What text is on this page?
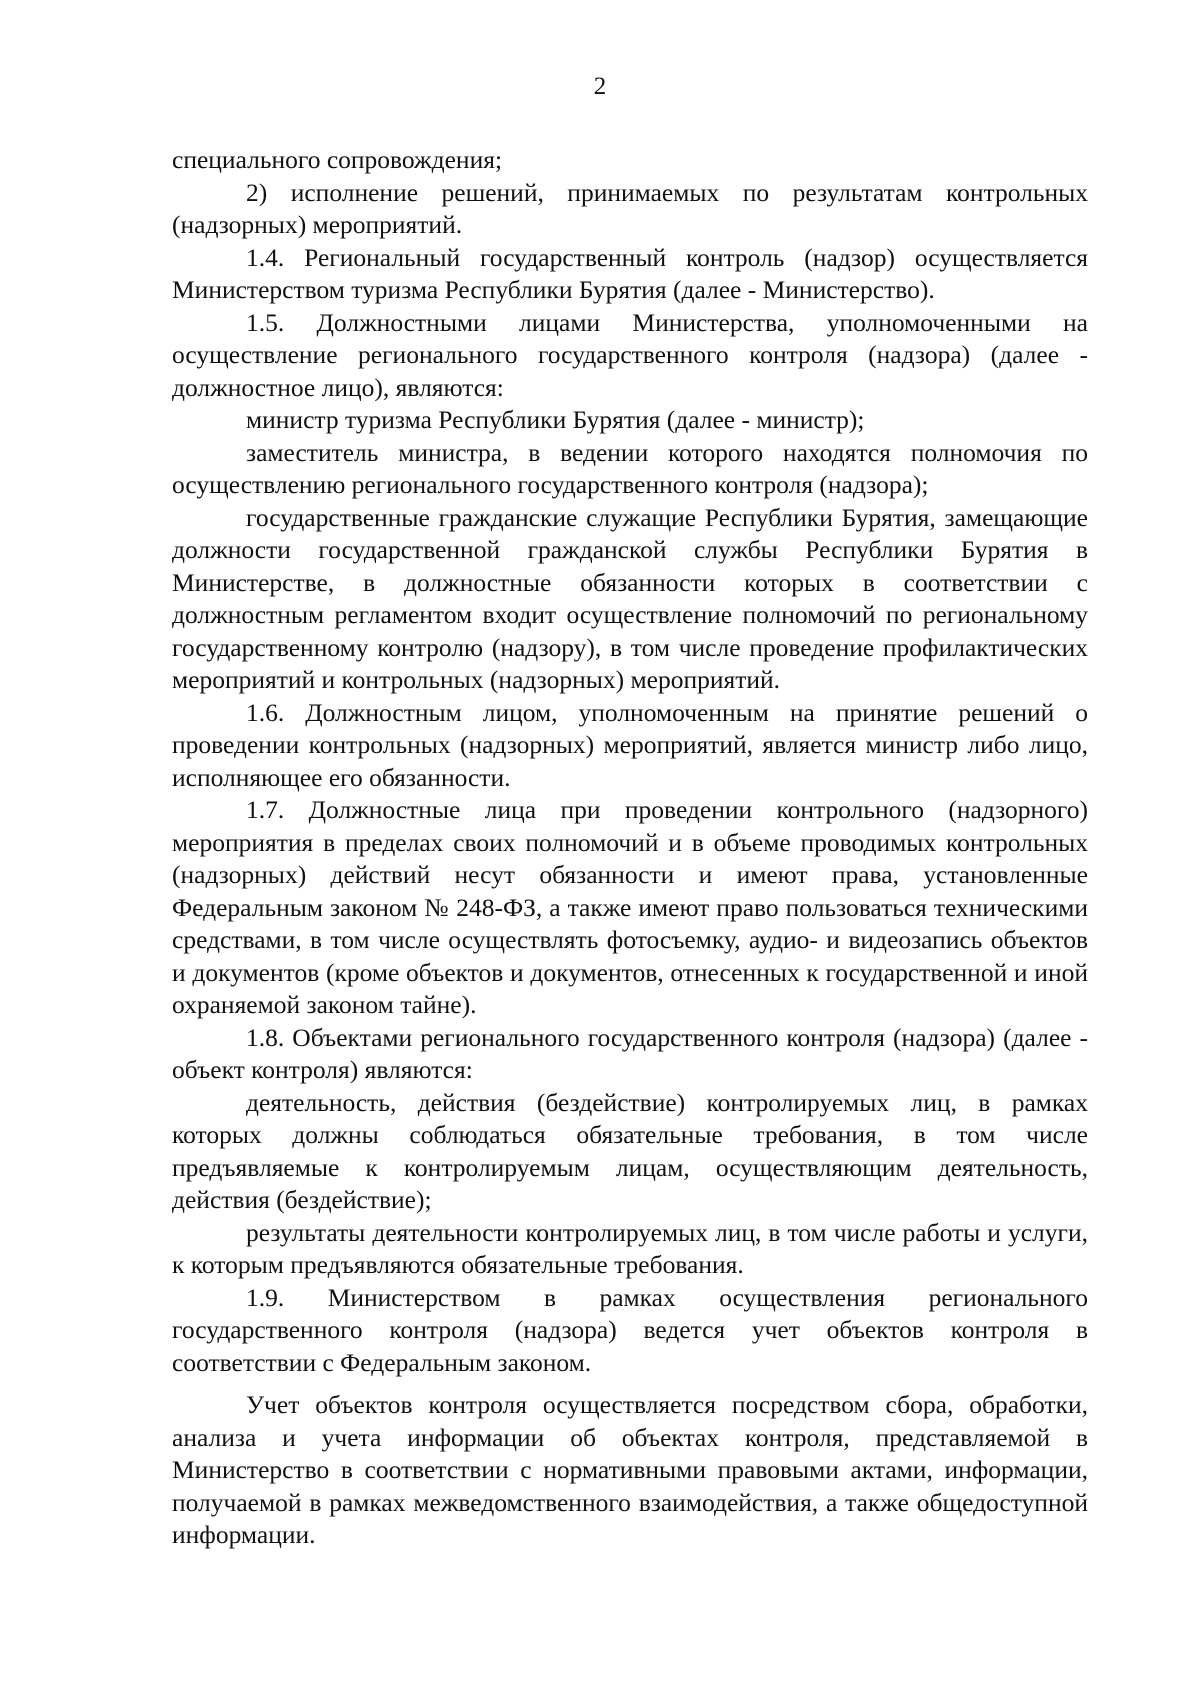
2

специального сопровождения;

2) исполнение решений, принимаемых по результатам контрольных (надзорных) мероприятий.

1.4. Региональный государственный контроль (надзор) осуществляется Министерством туризма Республики Бурятия (далее - Министерство).

1.5. Должностными лицами Министерства, уполномоченными на осуществление регионального государственного контроля (надзора) (далее - должностное лицо), являются:

министр туризма Республики Бурятия (далее - министр);

заместитель министра, в ведении которого находятся полномочия по осуществлению регионального государственного контроля (надзора);

государственные гражданские служащие Республики Бурятия, замещающие должности государственной гражданской службы Республики Бурятия в Министерстве, в должностные обязанности которых в соответствии с должностным регламентом входит осуществление полномочий по региональному государственному контролю (надзору), в том числе проведение профилактических мероприятий и контрольных (надзорных) мероприятий.

1.6. Должностным лицом, уполномоченным на принятие решений о проведении контрольных (надзорных) мероприятий, является министр либо лицо, исполняющее его обязанности.

1.7. Должностные лица при проведении контрольного (надзорного) мероприятия в пределах своих полномочий и в объеме проводимых контрольных (надзорных) действий несут обязанности и имеют права, установленные Федеральным законом № 248-ФЗ, а также имеют право пользоваться техническими средствами, в том числе осуществлять фотосъемку, аудио- и видеозапись объектов и документов (кроме объектов и документов, отнесенных к государственной и иной охраняемой законом тайне).

1.8. Объектами регионального государственного контроля (надзора) (далее - объект контроля) являются:

деятельность, действия (бездействие) контролируемых лиц, в рамках которых должны соблюдаться обязательные требования, в том числе предъявляемые к контролируемым лицам, осуществляющим деятельность, действия (бездействие);

результаты деятельности контролируемых лиц, в том числе работы и услуги, к которым предъявляются обязательные требования.

1.9. Министерством в рамках осуществления регионального государственного контроля (надзора) ведется учет объектов контроля в соответствии с Федеральным законом.

Учет объектов контроля осуществляется посредством сбора, обработки, анализа и учета информации об объектах контроля, представляемой в Министерство в соответствии с нормативными правовыми актами, информации, получаемой в рамках межведомственного взаимодействия, а также общедоступной информации.
